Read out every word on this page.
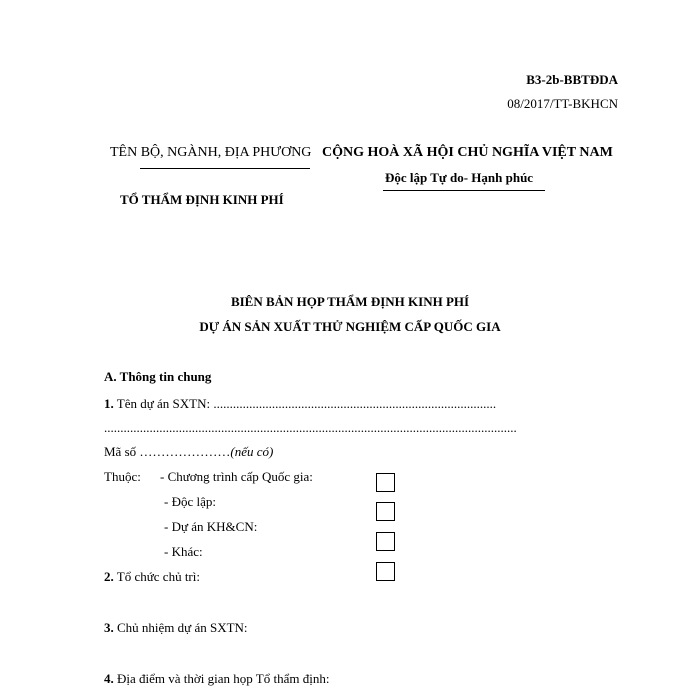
B3-2b-BBTĐDA
08/2017/TT-BKHCN
TÊN BỘ, NGÀNH, ĐỊA PHƯƠNG
TỔ THẨM ĐỊNH KINH PHÍ
CỘNG HOÀ XÃ HỘI CHỦ NGHĨA VIỆT NAM
Độc lập Tự do- Hạnh phúc
BIÊN BẢN HỌP THẨM ĐỊNH KINH PHÍ
DỰ ÁN SẢN XUẤT THỬ NGHIỆM CẤP QUỐC GIA
A. Thông tin chung
1. Tên dự án SXTN: .......................................................................................
...............................................................................................................................
Mã số …………………(nếu có)
Thuộc: - Chương trình cấp Quốc gia:
- Độc lập:
- Dự án KH&CN:
- Khác:
2. Tổ chức chủ trì:
3. Chủ nhiệm dự án SXTN:
4. Địa điểm và thời gian họp Tổ thẩm định:
